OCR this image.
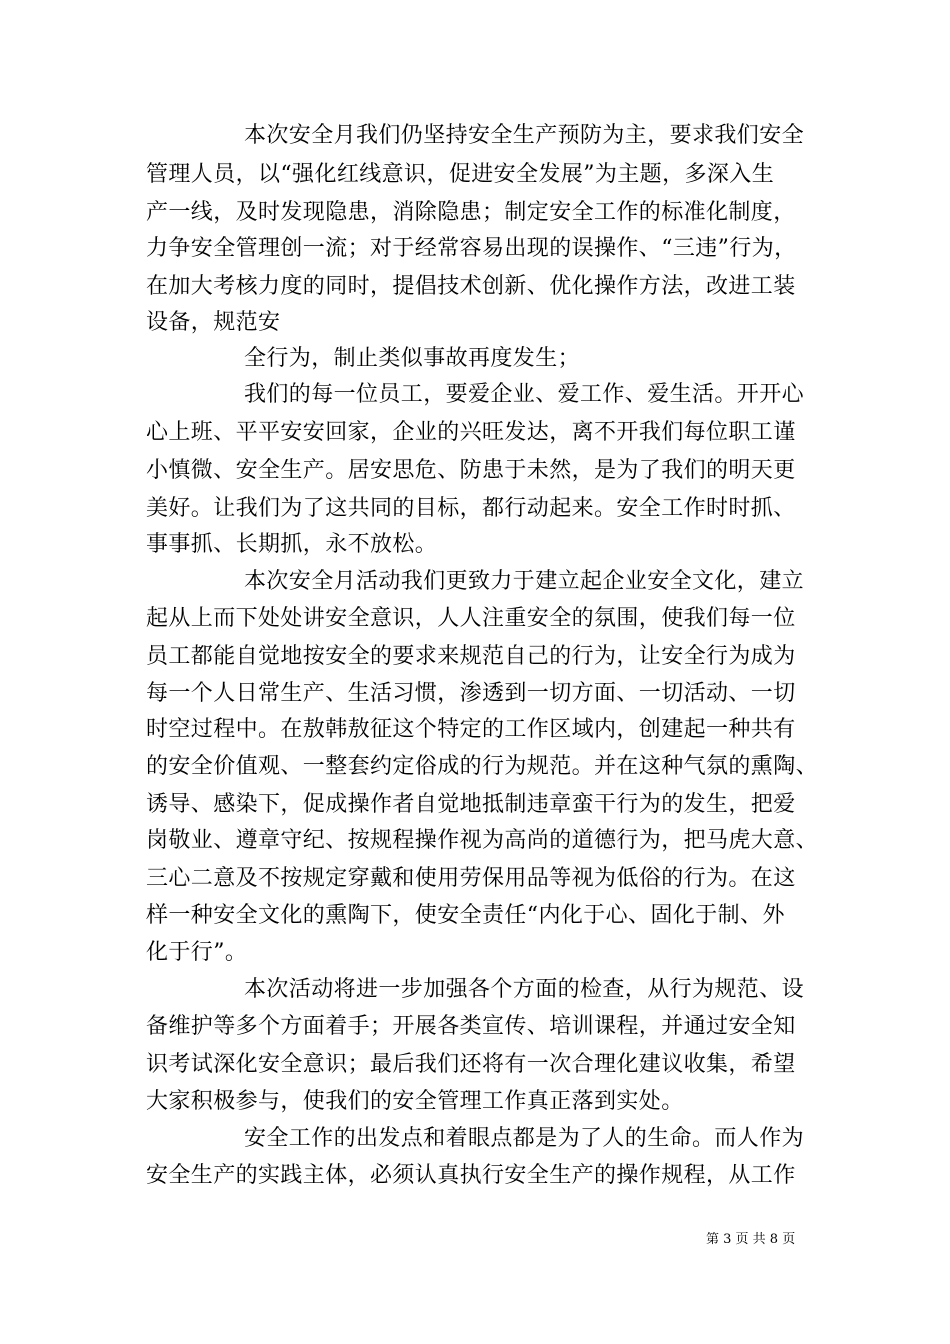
本次安全月我们仍坚持安全生产预防为主，要求我们安全
管理人员，以“强化红线意识，促进安全发展”为主题，多深入生
产一线，及时发现隐患，消除隐患；制定安全工作的标准化制度，
力争安全管理创一流；对于经常容易出现的误操作、“三违”行为，
在加大考核力度的同时，提倡技术创新、优化操作方法，改进工装
设备，规范安
全行为，制止类似事故再度发生；
我们的每一位员工，要爱企业、爱工作、爱生活。开开心
心上班、平平安安回家，企业的兴旺发达，离不开我们每位职工谨
小慎微、安全生产。居安思危、防患于未然，是为了我们的明天更
美好。让我们为了这共同的目标，都行动起来。安全工作时时抓、
事事抓、长期抓，永不放松。
本次安全月活动我们更致力于建立起企业安全文化，建立
起从上而下处处讲安全意识，人人注重安全的氛围，使我们每一位
员工都能自觉地按安全的要求来规范自己的行为，让安全行为成为
每一个人日常生产、生活习惯，渗透到一切方面、一切活动、一切
时空过程中。在敖韩敖征这个特定的工作区域内，创建起一种共有
的安全价值观、一整套约定俗成的行为规范。并在这种气氛的熏陶、
诱导、感染下，促成操作者自觉地抵制违章蛮干行为的发生，把爱
岗敬业、遵章守纪、按规程操作视为高尚的道德行为，把马虎大意、
三心二意及不按规定穿戴和使用劳保用品等视为低俗的行为。在这
样一种安全文化的熏陶下，使安全责任“内化于心、固化于制、外
化于行”。
本次活动将进一步加强各个方面的检查，从行为规范、设
备维护等多个方面着手；开展各类宣传、培训课程，并通过安全知
识考试深化安全意识；最后我们还将有一次合理化建议收集，希望
大家积极参与，使我们的安全管理工作真正落到实处。
安全工作的出发点和着眼点都是为了人的生命。而人作为
安全生产的实践主体，必须认真执行安全生产的操作规程，从工作
第 3 页 共 8 页
